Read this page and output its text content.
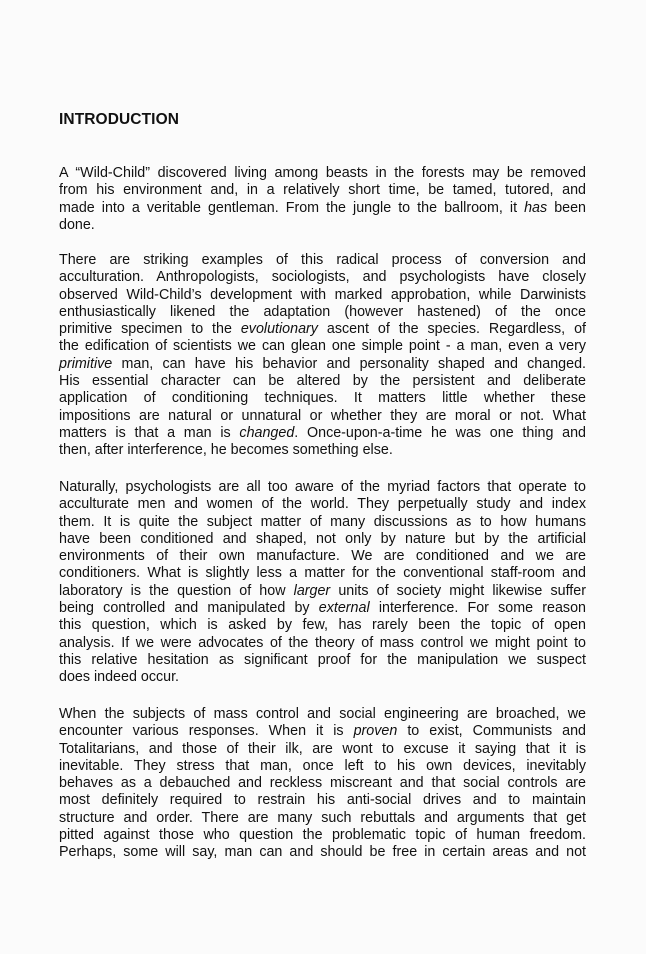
INTRODUCTION

A “Wild-Child” discovered living among beasts in the forests may be removed
from his environment and, in a relatively short time, be tamed, tutored, and
made into a veritable gentleman. From the jungle to the ballroom, it has been
done.

There are striking examples of this radical process of conversion and
acculturation. Anthropologists, sociologists, and psychologists have closely
observed Wild-Child’s development with marked approbation, while Darwinists
enthusiastically likened the adaptation (however hastened) of the once
primitive specimen to the evolutionary ascent of the species. Regardless, of
the edification of scientists we can glean one simple point - a man, even a very
primitive man, can have his behavior and personality shaped and changed.
His essential character can be altered by the persistent and deliberate
application of conditioning techniques. It matters little whether these
impositions are natural or unnatural or whether they are moral or not. What
matters is that a man is changed. Once-upon-a-time he was one thing and
then, after interference, he becomes something else.

Naturally, psychologists are all too aware of the myriad factors that operate to
acculturate men and women of the world. They perpetually study and index
them. It is quite the subject matter of many discussions as to how humans
have been conditioned and shaped, not only by nature but by the artificial
environments of their own manufacture. We are conditioned and we are
conditioners. What is slightly less a matter for the conventional staff-room and
laboratory is the question of how larger units of society might likewise suffer
being controlled and manipulated by external interference. For some reason
this question, which is asked by few, has rarely been the topic of open
analysis. If we were advocates of the theory of mass control we might point to
this relative hesitation as significant proof for the manipulation we suspect
does indeed occur.

When the subjects of mass control and social engineering are broached, we
encounter various responses. When it is proven to exist, Communists and
Totalitarians, and those of their ilk, are wont to excuse it saying that it is
inevitable. They stress that man, once left to his own devices, inevitably
behaves as a debauched and reckless miscreant and that social controls are
most definitely required to restrain his anti-social drives and to maintain
structure and order. There are many such rebuttals and arguments that get
pitted against those who question the problematic topic of human freedom.
Perhaps, some will say, man can and should be free in certain areas and not
